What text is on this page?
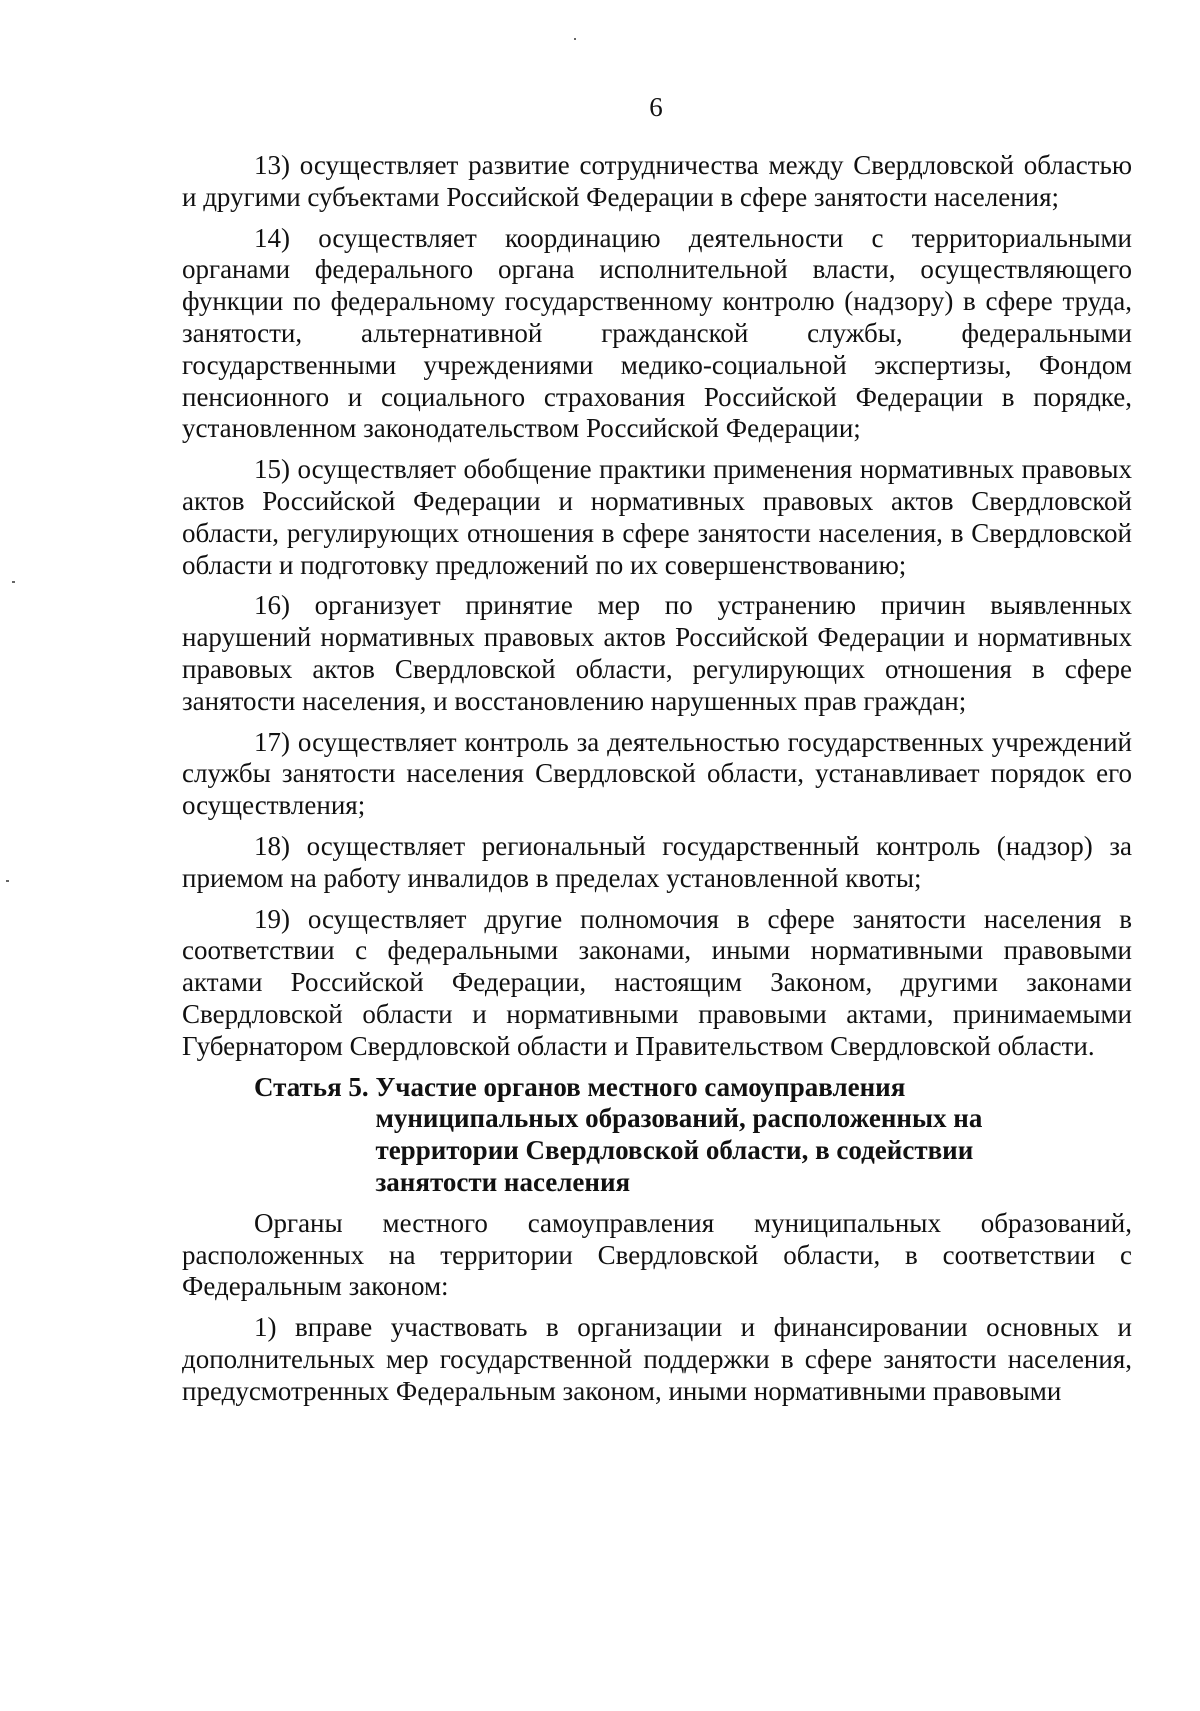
6

13) осуществляет развитие сотрудничества между Свердловской областью и другими субъектами Российской Федерации в сфере занятости населения;

14) осуществляет координацию деятельности с территориальными органами федерального органа исполнительной власти, осуществляющего функции по федеральному государственному контролю (надзору) в сфере труда, занятости, альтернативной гражданской службы, федеральными государственными учреждениями медико-социальной экспертизы, Фондом пенсионного и социального страхования Российской Федерации в порядке, установленном законодательством Российской Федерации;

15) осуществляет обобщение практики применения нормативных правовых актов Российской Федерации и нормативных правовых актов Свердловской области, регулирующих отношения в сфере занятости населения, в Свердловской области и подготовку предложений по их совершенствованию;

16) организует принятие мер по устранению причин выявленных нарушений нормативных правовых актов Российской Федерации и нормативных правовых актов Свердловской области, регулирующих отношения в сфере занятости населения, и восстановлению нарушенных прав граждан;

17) осуществляет контроль за деятельностью государственных учреждений службы занятости населения Свердловской области, устанавливает порядок его осуществления;

18) осуществляет региональный государственный контроль (надзор) за приемом на работу инвалидов в пределах установленной квоты;

19) осуществляет другие полномочия в сфере занятости населения в соответствии с федеральными законами, иными нормативными правовыми актами Российской Федерации, настоящим Законом, другими законами Свердловской области и нормативными правовыми актами, принимаемыми Губернатором Свердловской области и Правительством Свердловской области.

Статья 5.
Участие органов местного самоуправления муниципальных образований, расположенных на территории Свердловской области, в содействии занятости населения

Органы местного самоуправления муниципальных образований, расположенных на территории Свердловской области, в соответствии с Федеральным законом:

1) вправе участвовать в организации и финансировании основных и дополнительных мер государственной поддержки в сфере занятости населения, предусмотренных Федеральным законом, иными нормативными правовыми
